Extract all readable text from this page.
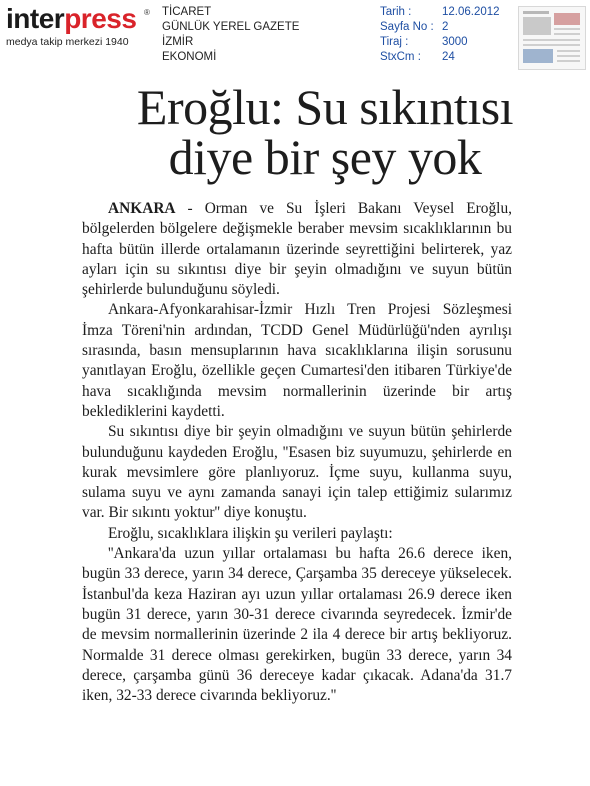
interpress ®
medya takip merkezi 1940
TİCARET
GÜNLÜK YEREL GAZETE
İZMİR
EKONOMİ
Tarih :	12.06.2012
Sayfa No : 2
Tiraj :	3000
StxCm :	24
Eroğlu: Su sıkıntısı
diye bir şey yok

ANKARA - Orman ve Su İşleri Bakanı Veysel Eroğlu, bölgelerden bölgelere değişmekle beraber mevsim sıcaklıklarının bu hafta bütün illerde ortalamanın üzerinde seyrettiğini belirterek, yaz ayları için su sıkıntısı diye bir şeyin olmadığını ve suyun bütün şehirlerde bulunduğunu söyledi.

Ankara-Afyonkarahisar-İzmir Hızlı Tren Projesi Sözleşmesi İmza Töreni'nin ardından, TCDD Genel Müdürlüğü'nden ayrılışı sırasında, basın mensuplarının hava sıcaklıklarına ilişin sorusunu yanıtlayan Eroğlu, özellikle geçen Cumartesi'den itibaren Türkiye'de hava sıcaklığında mevsim normallerinin üzerinde bir artış beklediklerini kaydetti.

Su sıkıntısı diye bir şeyin olmadığını ve suyun bütün şehirlerde bulunduğunu kaydeden Eroğlu, ''Esasen biz suyumuzu, şehirlerde en kurak mevsimlere göre planlıyoruz. İçme suyu, kullanma suyu, sulama suyu ve aynı zamanda sanayi için talep ettiğimiz sularımız var. Bir sıkıntı yoktur'' diye konuştu.

Eroğlu, sıcaklıklara ilişkin şu verileri paylaştı:

''Ankara'da uzun yıllar ortalaması bu hafta 26.6 derece iken, bugün 33 derece, yarın 34 derece, Çarşamba 35 dereceye yükselecek. İstanbul'da keza Haziran ayı uzun yıllar ortalaması 26.9 derece iken bugün 31 derece, yarın 30-31 derece civarında seyredecek. İzmir'de de mevsim normallerinin üzerinde 2 ila 4 derece bir artış bekliyoruz. Normalde 31 derece olması gerekirken, bugün 33 derece, yarın 34 derece, çarşamba günü 36 dereceye kadar çıkacak. Adana'da 31.7 iken, 32-33 derece civarında bekliyoruz.''
